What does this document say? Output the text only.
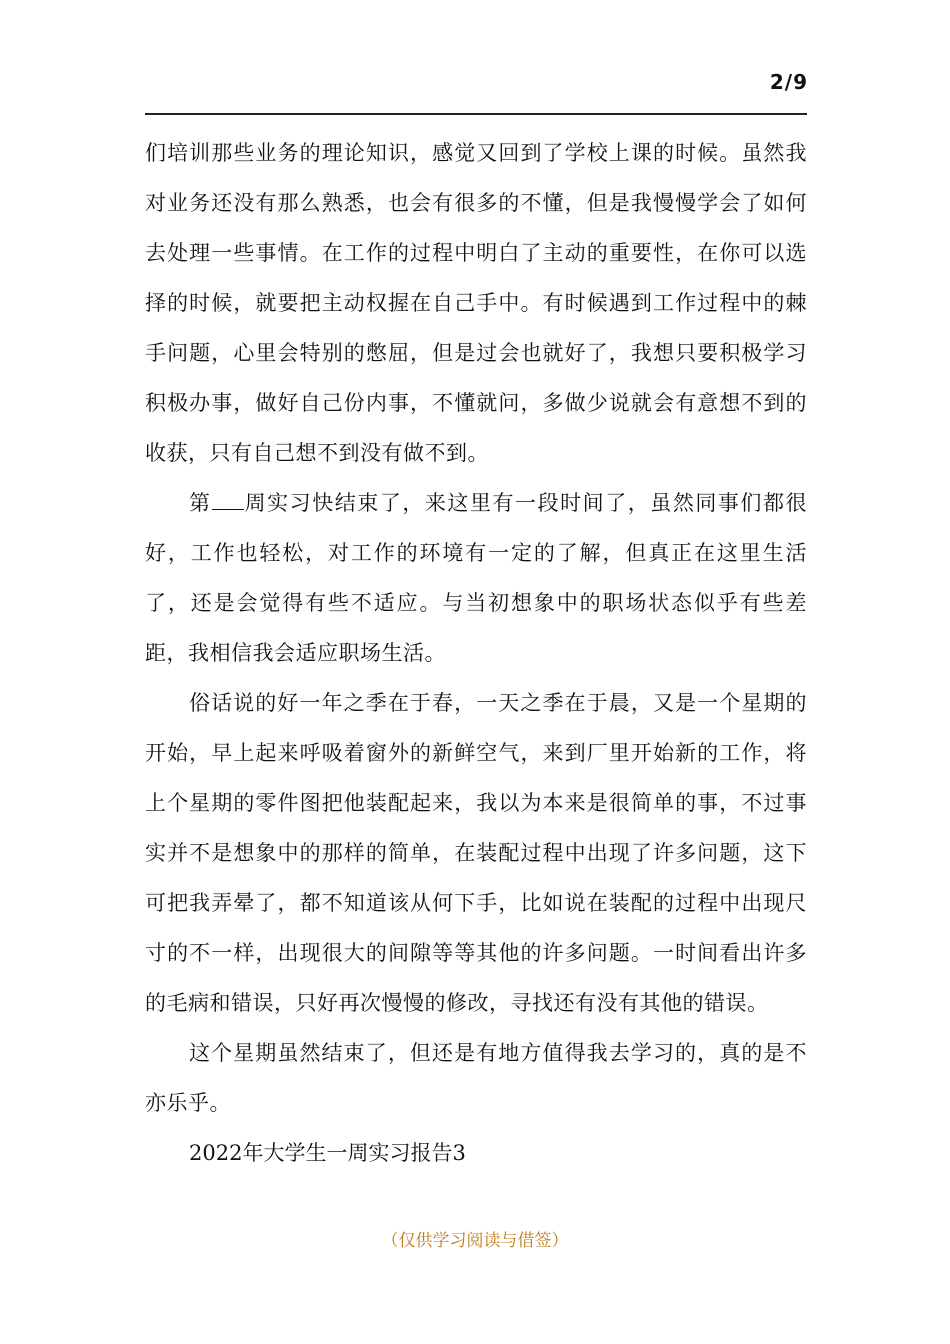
2/9

们培训那些业务的理论知识，感觉又回到了学校上课的时候。虽然我对业务还没有那么熟悉，也会有很多的不懂，但是我慢慢学会了如何去处理一些事情。在工作的过程中明白了主动的重要性，在你可以选择的时候，就要把主动权握在自己手中。有时候遇到工作过程中的棘手问题，心里会特别的憋屈，但是过会也就好了，我想只要积极学习积极办事，做好自己份内事，不懂就问，多做少说就会有意想不到的收获，只有自己想不到没有做不到。

第 周实习快结束了，来这里有一段时间了，虽然同事们都很好，工作也轻松，对工作的环境有一定的了解，但真正在这里生活了，还是会觉得有些不适应。与当初想象中的职场状态似乎有些差距，我相信我会适应职场生活。

俗话说的好一年之季在于春，一天之季在于晨，又是一个星期的开始，早上起来呼吸着窗外的新鲜空气，来到厂里开始新的工作，将上个星期的零件图把他装配起来，我以为本来是很简单的事，不过事实并不是想象中的那样的简单，在装配过程中出现了许多问题，这下可把我弄晕了，都不知道该从何下手，比如说在装配的过程中出现尺寸的不一样，出现很大的间隙等等其他的许多问题。一时间看出许多的毛病和错误，只好再次慢慢的修改，寻找还有没有其他的错误。

这个星期虽然结束了，但还是有地方值得我去学习的，真的是不亦乐乎。

2022年大学生一周实习报告3

（仅供学习阅读与借签）
